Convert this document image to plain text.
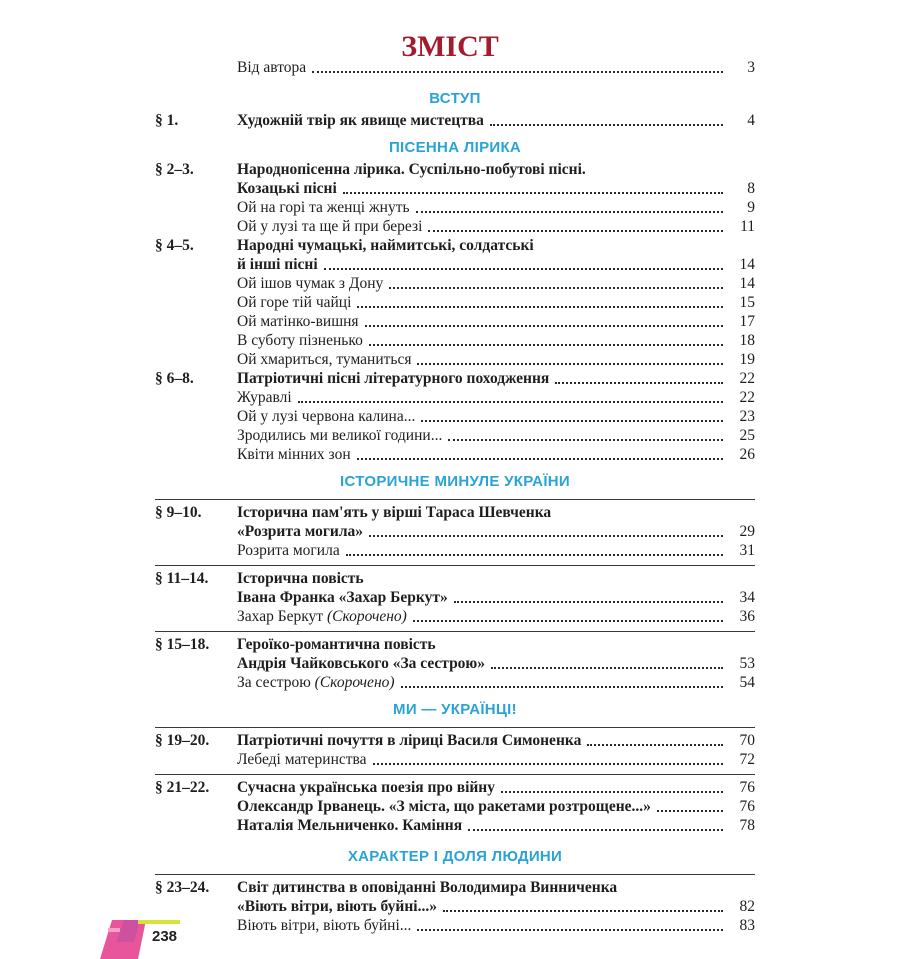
ЗМІСТ
Від автора	3
ВСТУП
§ 1.	Художній твір як явище мистецтва	4
ПІСЕННА ЛІРИКА
§ 2–3.	Народнопісенна лірика. Суспільно-побутові пісні.
Козацькі пісні	8
Ой на горі та женці жнуть	9
Ой у лузі та ще й при березі	11
§ 4–5.	Народні чумацькі, наймитські, солдатські
й інші пісні	14
Ой ішов чумак з Дону	14
Ой горе тій чайці	15
Ой матінко-вишня	17
В суботу пізненько	18
Ой хмариться, туманиться	19
§ 6–8.	Патріотичні пісні літературного походження	22
Журавлі	22
Ой у лузі червона калина...	23
Зродились ми великої години...	25
Квіти мінних зон	26
ІСТОРИЧНЕ МИНУЛЕ УКРАЇНИ
§ 9–10.	Історична пам'ять у вірші Тараса Шевченка
«Розрита могила»	29
Розрита могила	31
§ 11–14.	Історична повість
Івана Франка «Захар Беркут»	34
Захар Беркут (Скорочено)	36
§ 15–18.	Героїко-романтична повість
Андрія Чайковського «За сестрою»	53
За сестрою (Скорочено)	54
МИ — УКРАЇНЦІ!
§ 19–20.	Патріотичні почуття в ліриці Василя Симоненка	70
Лебеді материнства	72
§ 21–22.	Сучасна українська поезія про війну	76
Олександр Ірванець. «З міста, що ракетами розтрощене...»	76
Наталія Мельниченко. Каміння	78
ХАРАКТЕР І ДОЛЯ ЛЮДИНИ
§ 23–24.	Світ дитинства в оповіданні Володимира Винниченка
«Віють вітри, віють буйні...»	82
Віють вітри, віють буйні...	83
238
